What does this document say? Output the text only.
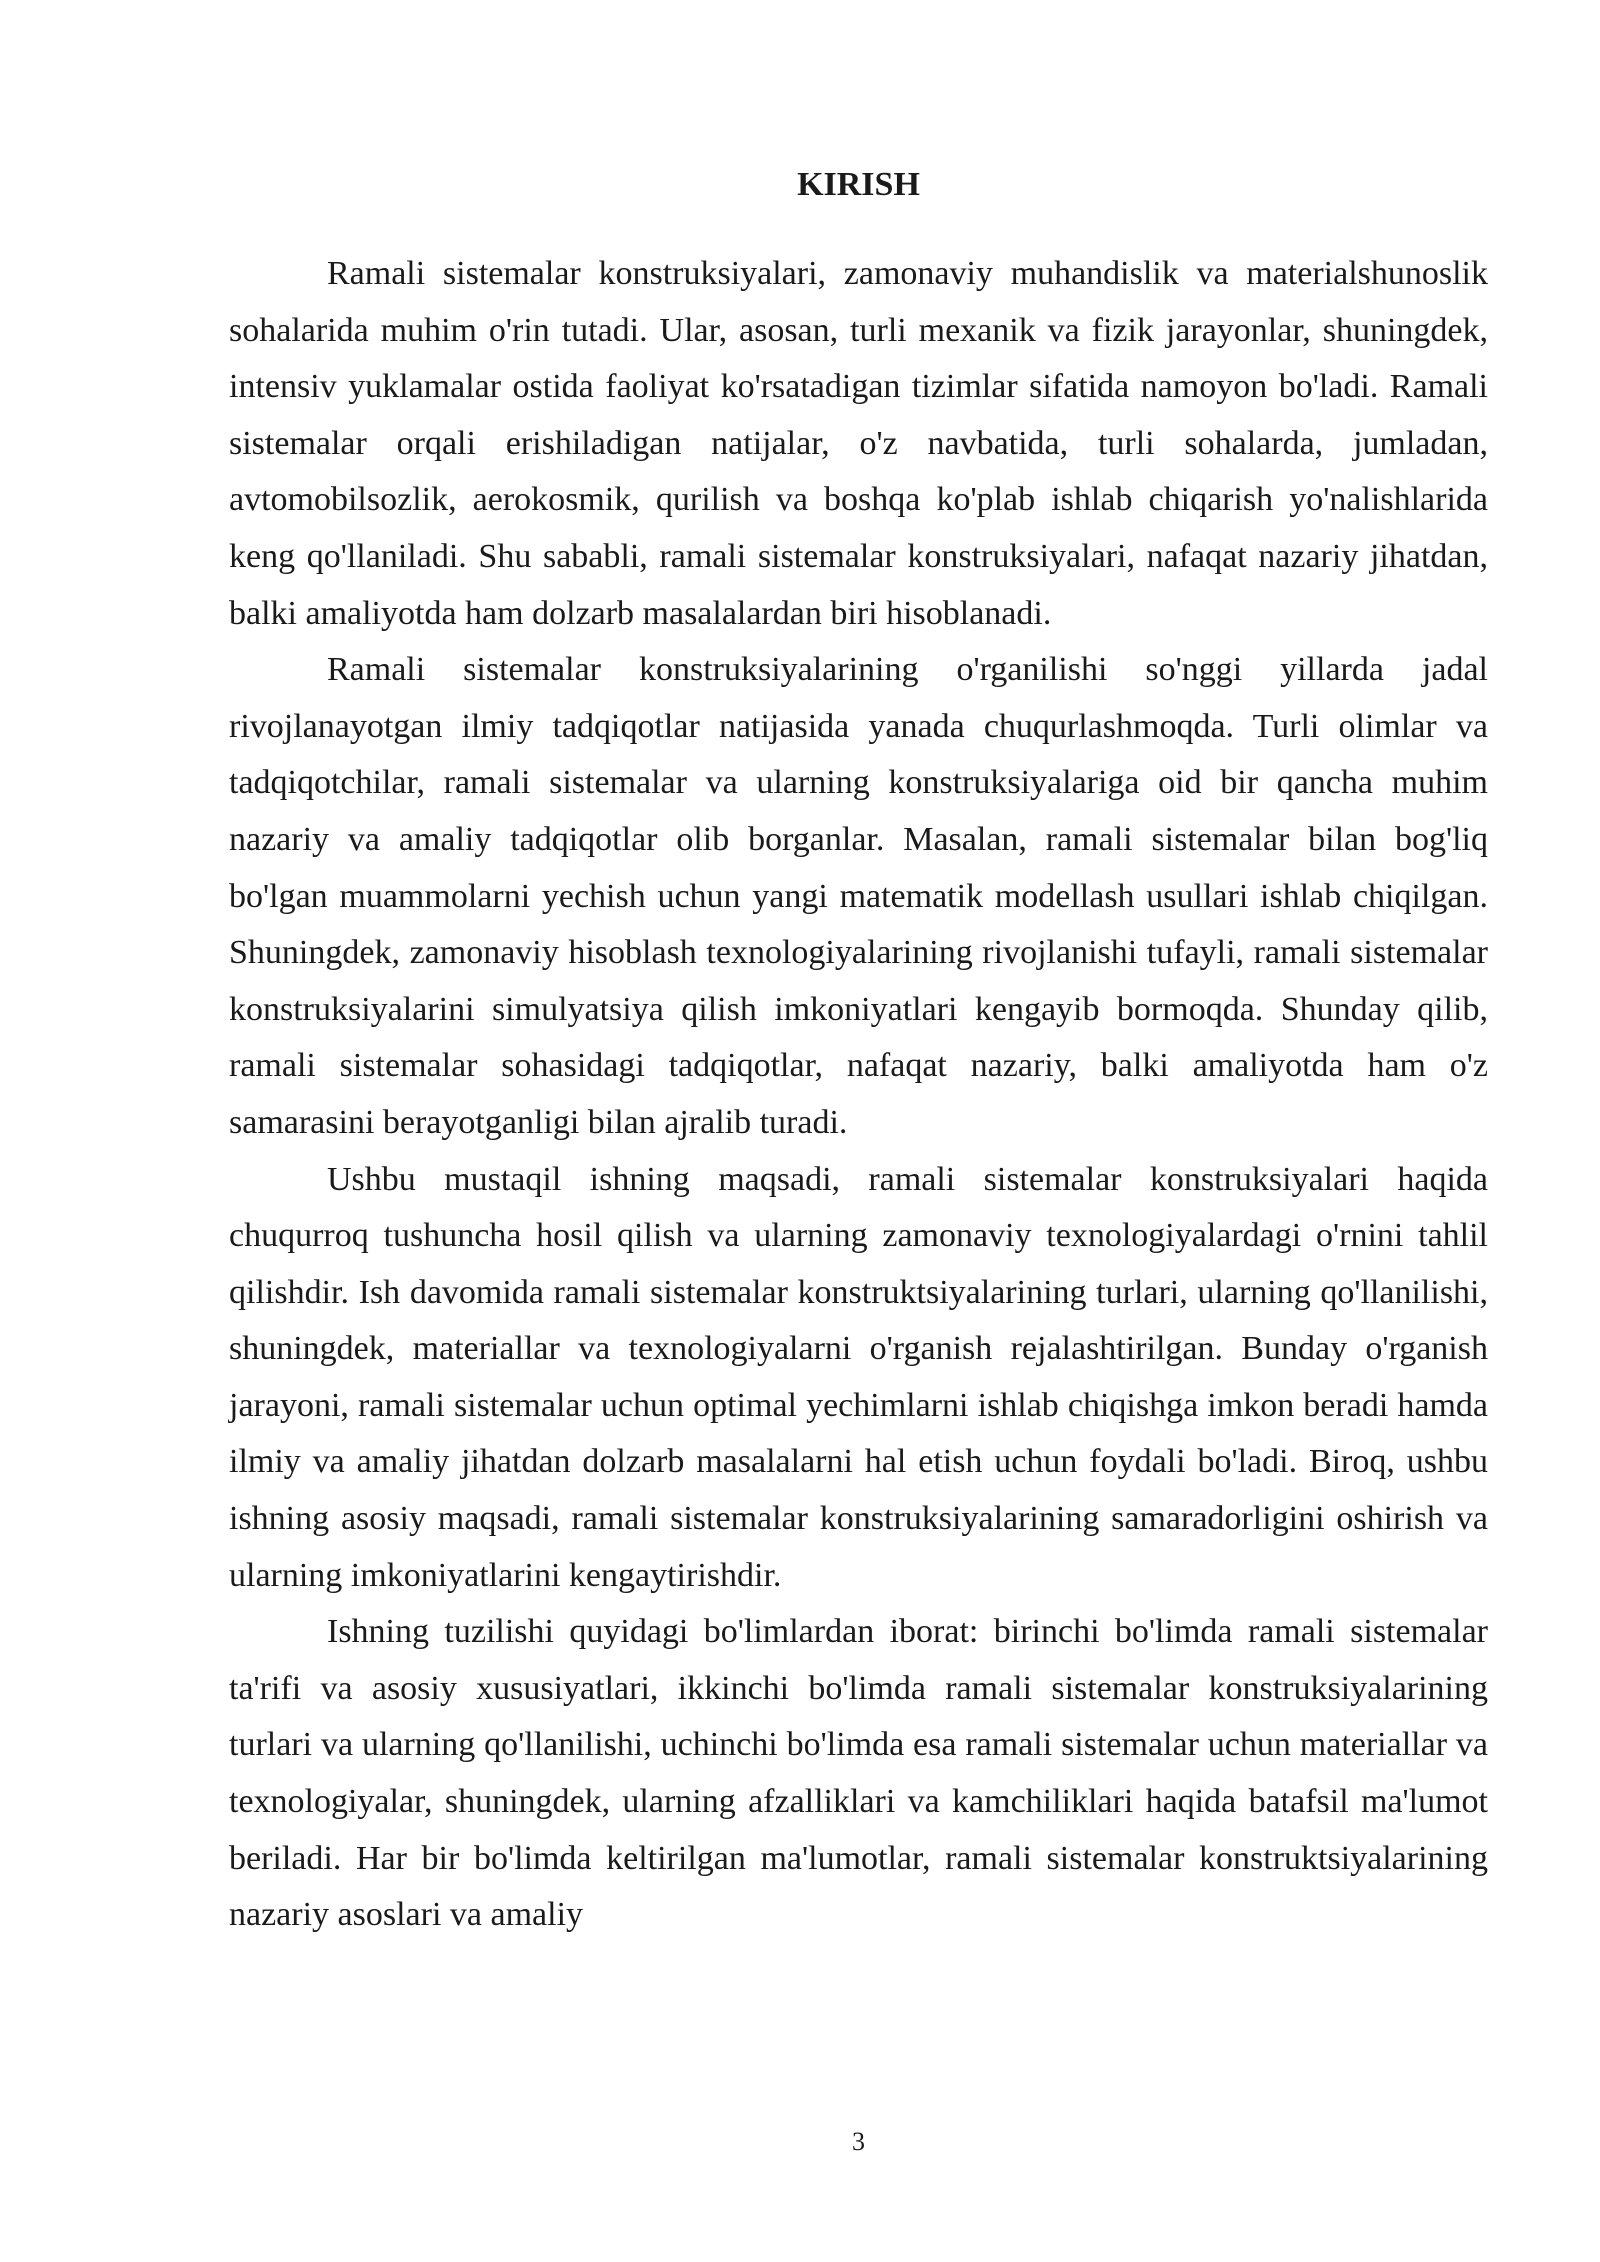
KIRISH

Ramali sistemalar konstruksiyalari, zamonaviy muhandislik va materialshunoslik sohalarida muhim o'rin tutadi. Ular, asosan, turli mexanik va fizik jarayonlar, shuningdek, intensiv yuklamalar ostida faoliyat ko'rsatadigan tizimlar sifatida namoyon bo'ladi. Ramali sistemalar orqali erishiladigan natijalar, o'z navbatida, turli sohalarda, jumladan, avtomobilsozlik, aerokosmik, qurilish va boshqa ko'plab ishlab chiqarish yo'nalishlarida keng qo'llaniladi. Shu sababli, ramali sistemalar konstruksiyalari, nafaqat nazariy jihatdan, balki amaliyotda ham dolzarb masalalardan biri hisoblanadi.

Ramali sistemalar konstruksiyalarining o'rganilishi so'nggi yillarda jadal rivojlanayotgan ilmiy tadqiqotlar natijasida yanada chuqurlashmoqda. Turli olimlar va tadqiqotchilar, ramali sistemalar va ularning konstruksiyalariga oid bir qancha muhim nazariy va amaliy tadqiqotlar olib borganlar. Masalan, ramali sistemalar bilan bog'liq bo'lgan muammolarni yechish uchun yangi matematik modellash usullari ishlab chiqilgan. Shuningdek, zamonaviy hisoblash texnologiyalarining rivojlanishi tufayli, ramali sistemalar konstruksiyalarini simulyatsiya qilish imkoniyatlari kengayib bormoqda. Shunday qilib, ramali sistemalar sohasidagi tadqiqotlar, nafaqat nazariy, balki amaliyotda ham o'z samarasini berayotganligi bilan ajralib turadi.

Ushbu mustaqil ishning maqsadi, ramali sistemalar konstruksiyalari haqida chuqurroq tushuncha hosil qilish va ularning zamonaviy texnologiyalardagi o'rnini tahlil qilishdir. Ish davomida ramali sistemalar konstruktsiyalarining turlari, ularning qo'llanilishi, shuningdek, materiallar va texnologiyalarni o'rganish rejalashtirilgan. Bunday o'rganish jarayoni, ramali sistemalar uchun optimal yechimlarni ishlab chiqishga imkon beradi hamda ilmiy va amaliy jihatdan dolzarb masalalarni hal etish uchun foydali bo'ladi. Biroq, ushbu ishning asosiy maqsadi, ramali sistemalar konstruksiyalarining samaradorligini oshirish va ularning imkoniyatlarini kengaytirishdir.

Ishning tuzilishi quyidagi bo'limlardan iborat: birinchi bo'limda ramali sistemalar ta'rifi va asosiy xususiyatlari, ikkinchi bo'limda ramali sistemalar konstruksiyalarining turlari va ularning qo'llanilishi, uchinchi bo'limda esa ramali sistemalar uchun materiallar va texnologiyalar, shuningdek, ularning afzalliklari va kamchiliklari haqida batafsil ma'lumot beriladi. Har bir bo'limda keltirilgan ma'lumotlar, ramali sistemalar konstruktsiyalarining nazariy asoslari va amaliy

3
